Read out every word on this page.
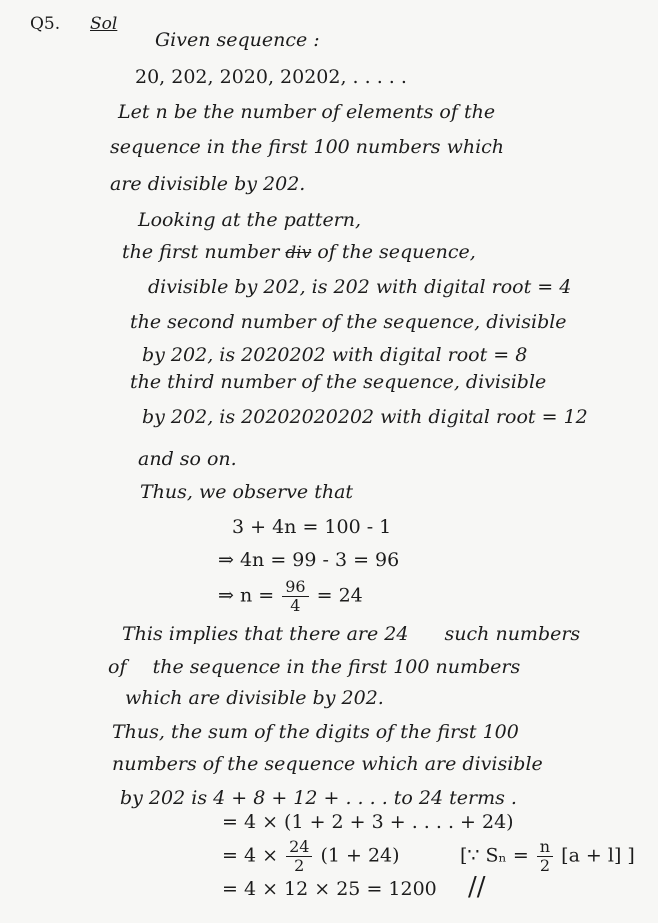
Q5. Sol
Given sequence :
20, 202, 2020, 20202, . . . . .
Let n be the number of elements of the
sequence in the first 100 numbers which
are divisible by 202.
Looking at the pattern,
the first number div of the sequence,
divisible by 202, is 202 with digital root = 4
the second number of the sequence, divisible
by 202, is 2020202 with digital root = 8
the third number of the sequence, divisible
by 202, is 20202020202 with digital root = 12
and so on.
Thus, we observe that
3 + 4n = 100 - 1
⇒ 4n = 99 - 3 = 96
⇒ $n = \frac{96}{4} = 24$
This implies that there are 24 such numbers
of the sequence in the first 100 numbers
which are divisible by 202.
Thus, the sum of the digits of the first 100
numbers of the sequence which are divisible
by 202 is 4 + 8 + 12 + . . . . to 24 terms .
= 4 × (1 + 2 + 3 + . . . . + 24)
= $4 \times \frac{24}{2} (1 + 24)$	[∵ $S_n = \frac{n}{2} [a + l]$ ]
= 4 × 12 × 25 = 1200 //
